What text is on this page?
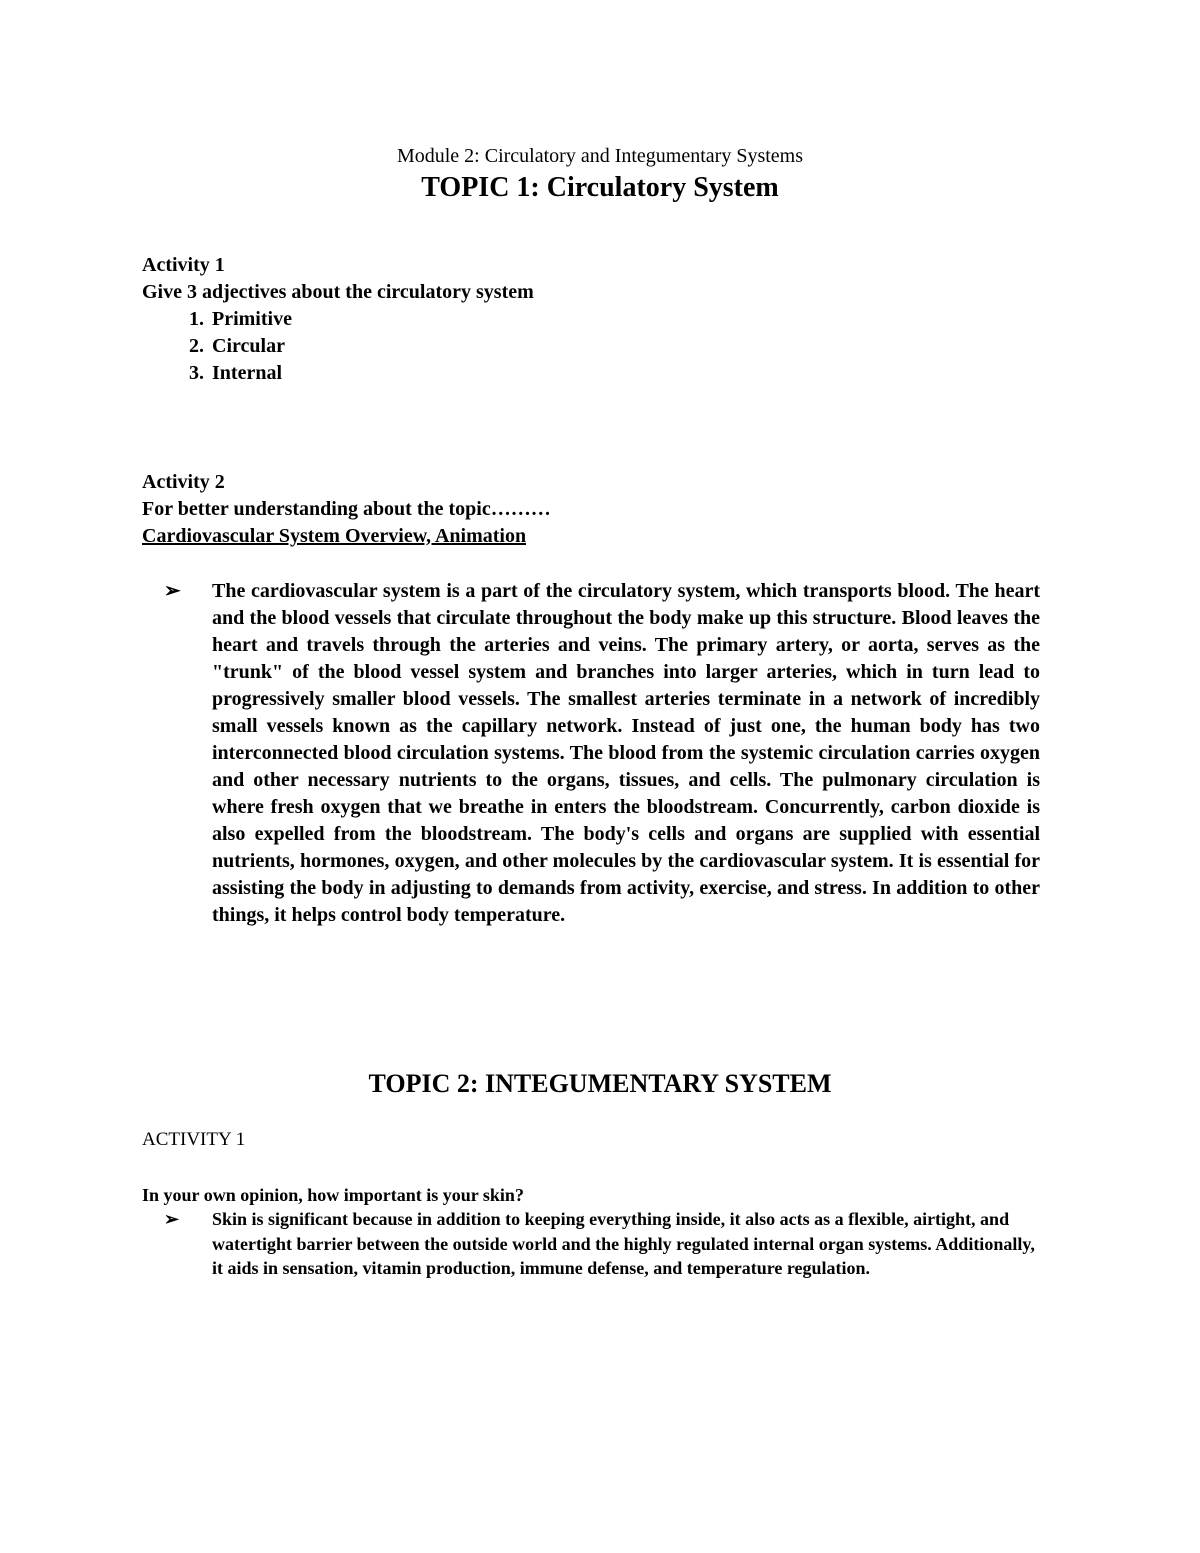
Module 2: Circulatory and Integumentary Systems
TOPIC 1: Circulatory System
Activity 1
Give 3 adjectives about the circulatory system
1. Primitive
2. Circular
3. Internal
Activity 2
For better understanding about the topic………
Cardiovascular System Overview, Animation
➢	The cardiovascular system is a part of the circulatory system, which transports blood. The heart and the blood vessels that circulate throughout the body make up this structure. Blood leaves the heart and travels through the arteries and veins. The primary artery, or aorta, serves as the "trunk" of the blood vessel system and branches into larger arteries, which in turn lead to progressively smaller blood vessels. The smallest arteries terminate in a network of incredibly small vessels known as the capillary network. Instead of just one, the human body has two interconnected blood circulation systems. The blood from the systemic circulation carries oxygen and other necessary nutrients to the organs, tissues, and cells. The pulmonary circulation is where fresh oxygen that we breathe in enters the bloodstream. Concurrently, carbon dioxide is also expelled from the bloodstream. The body's cells and organs are supplied with essential nutrients, hormones, oxygen, and other molecules by the cardiovascular system. It is essential for assisting the body in adjusting to demands from activity, exercise, and stress. In addition to other things, it helps control body temperature.
TOPIC 2: INTEGUMENTARY SYSTEM
ACTIVITY 1
In your own opinion, how important is your skin?
➢	Skin is significant because in addition to keeping everything inside, it also acts as a flexible, airtight, and watertight barrier between the outside world and the highly regulated internal organ systems. Additionally, it aids in sensation, vitamin production, immune defense, and temperature regulation.
